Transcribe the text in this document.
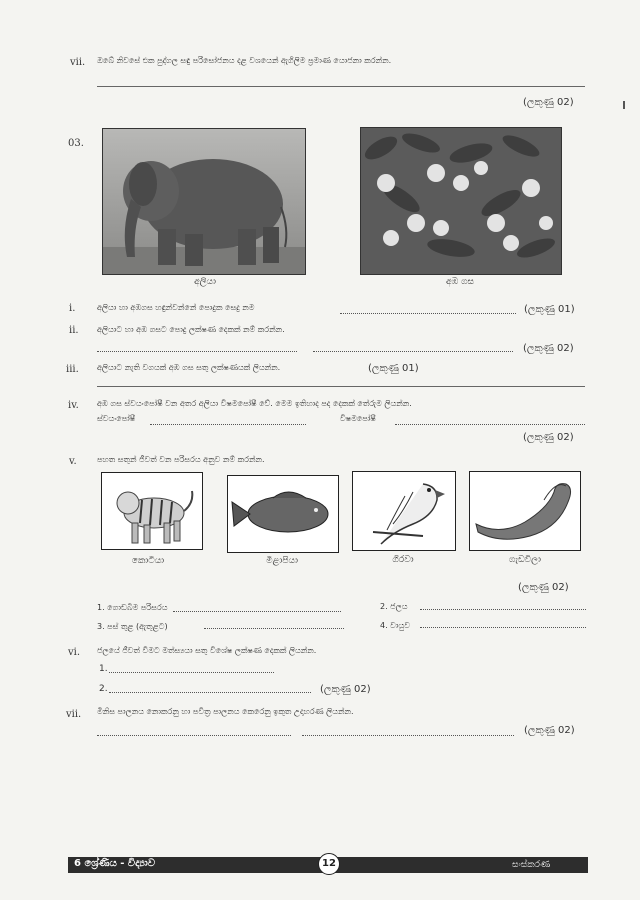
vii. ඔබේ නිවසේ එක පුද්ගල සඳු පරිසෝජනය දළ වශයෙන් ඇගිලිම ප්‍රමාණ යොජනා කරන්න.
(ලකුණු 02)
03.
අලියා	අඹ ගස
i.	අලියා හා අඹගස හඳුන්වන්නේ පොදුක සෙදු නම	(ලකුණු 01)
ii. අලියාට හා අඹ ගසට පොදු ලක්ෂණ දෙකක් නම් කරන්න.
(ලකුණු 02)
iii. අලියාට නැති වගයක් අඹ ගස සතු ලක්ෂණයක් ලියන්න.	(ලකුණු 01)
iv. අඹ ගස ස්වයංපෝෂී වන අතර අලියා විෂමපෝෂී වේ. මෙම ඉතිහාද පද දෙකක් තේරුම ලියන්න.
ස්වයංපෝෂී	විෂමපෝෂී
(ලකුණු 02)
v.	පහත සතුන් ජීවත් වන පරිසරය අනුව නම් කරන්න.
කොටියා	මිළාපියා	ගිරවා	ගැඩවිලා
(ලකුණු 02)
1. ගොඩබිම පරිසරය	2. ජලය
3. පස් තුළ (ඇතුළට)	4. වායුව
vi. ජලයේ ජීවත් වීමට මත්ස්‍යයා සතු විශේෂ ලක්ෂණ දෙකක් ලියන්න.
1.
2.	(ලකුණු 02)
vii. මිනිස පාලනය නොකරනු හා පවිත්‍ර පාලනය කෙරෙනු ඉකුත උදාහරණ ලියන්න.
(ලකුණු 02)
6 ශ්‍රේණිය - විද්‍යාව	12	සංස්කරණ
